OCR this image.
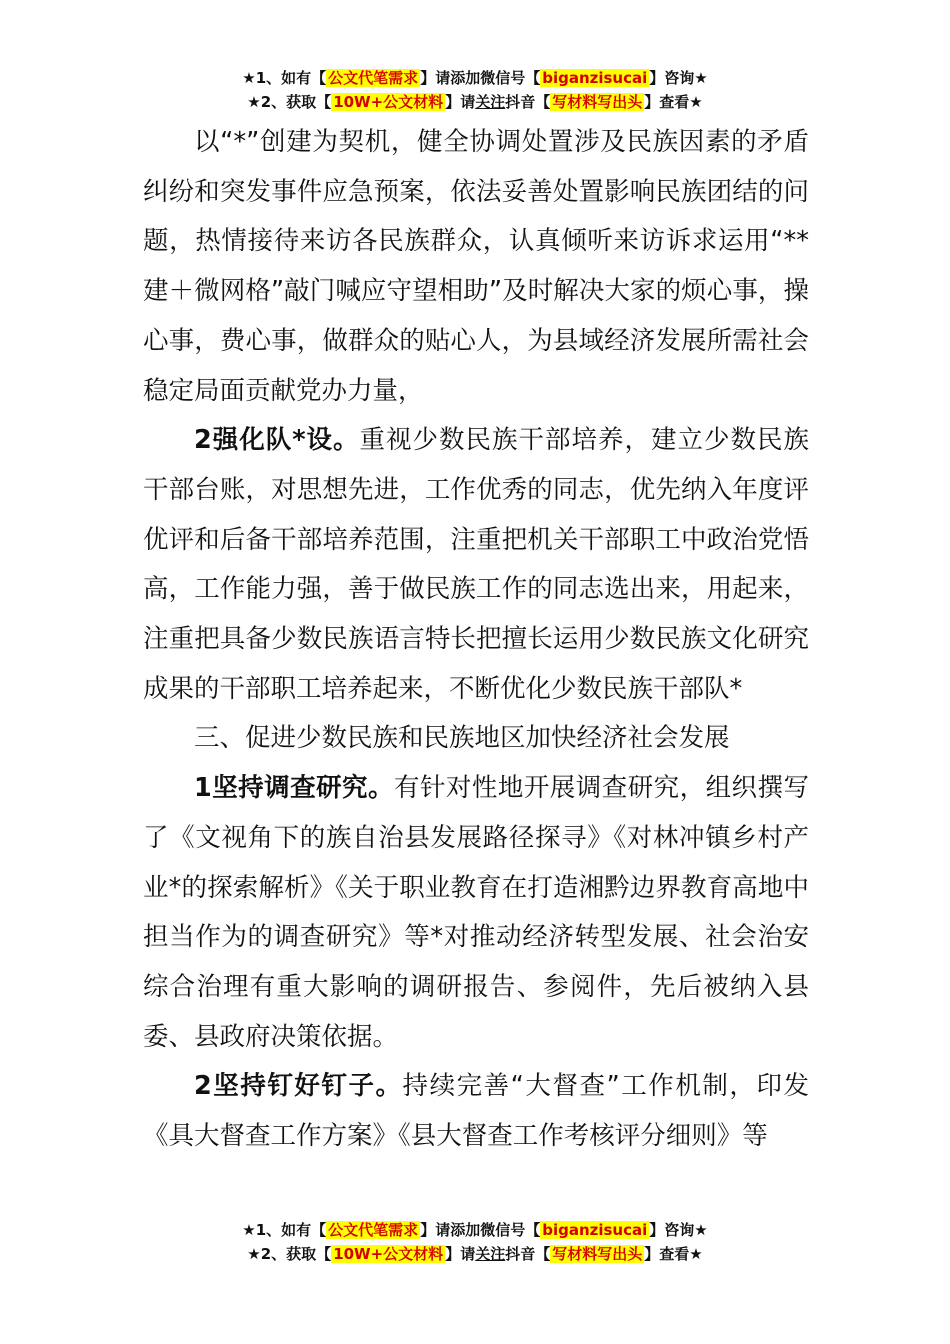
★1、如有【 公文代笔需求 】请添加微信号【 biganzisucai 】咨询★
★2、获取【 10W+公文材料 】请关注抖音【 写材料写出头 】查看★

以“*”创建为契机，健全协调处置涉及民族因素的矛盾纠纷和突发事件应急预案，依法妥善处置影响民族团结的问题，热情接待来访各民族群众，认真倾听来访诉求运用“**建＋微网格”敲门喊应守望相助”及时解决大家的烦心事，操心事，费心事，做群众的贴心人，为县域经济发展所需社会稳定局面贡献党办力量，

2强化队*设。重视少数民族干部培养，建立少数民族干部台账，对思想先进，工作优秀的同志，优先纳入年度评优评和后备干部培养范围，注重把机关干部职工中政治党悟高，工作能力强，善于做民族工作的同志选出来，用起来，注重把具备少数民族语言特长把擅长运用少数民族文化研究成果的干部职工培养起来，不断优化少数民族干部队*

三、促进少数民族和民族地区加快经济社会发展

1坚持调查研究。有针对性地开展调查研究，组织撰写了《文视角下的族自治县发展路径探寻》《对林冲镇乡村产业*的探索解析》《关于职业教育在打造湘黔边界教育高地中担当作为的调查研究》等*对推动经济转型发展、社会治安综合治理有重大影响的调研报告、参阅件，先后被纳入县委、县政府决策依据。

2坚持钉好钉子。持续完善“大督查”工作机制，印发《具大督查工作方案》《县大督查工作考核评分细则》等

★1、如有【 公文代笔需求 】请添加微信号【 biganzisucai 】咨询★
★2、获取【 10W+公文材料 】请关注抖音【 写材料写出头 】查看★
